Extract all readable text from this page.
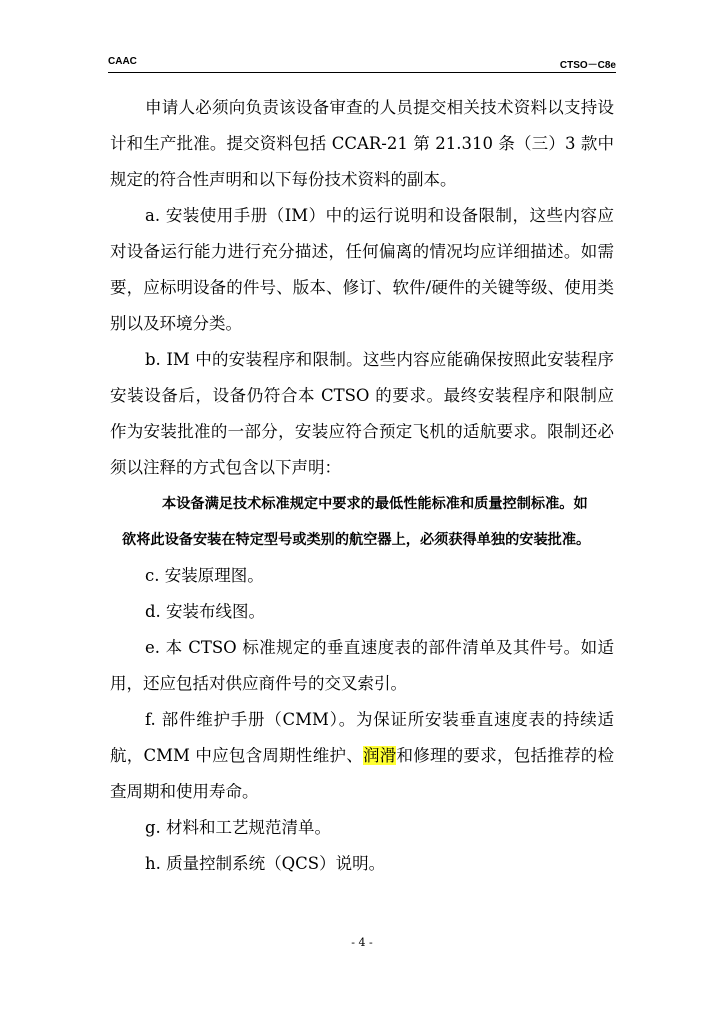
CAAC	CTSO－C8e

申请人必须向负责该设备审查的人员提交相关技术资料以支持设计和生产批准。提交资料包括 CCAR-21 第 21.310 条（三）3 款中规定的符合性声明和以下每份技术资料的副本。

a. 安装使用手册（IM）中的运行说明和设备限制，这些内容应对设备运行能力进行充分描述，任何偏离的情况均应详细描述。如需要，应标明设备的件号、版本、修订、软件/硬件的关键等级、使用类别以及环境分类。

b. IM 中的安装程序和限制。这些内容应能确保按照此安装程序安装设备后，设备仍符合本 CTSO 的要求。最终安装程序和限制应作为安装批准的一部分，安装应符合预定飞机的适航要求。限制还必须以注释的方式包含以下声明：

本设备满足技术标准规定中要求的最低性能标准和质量控制标准。如
欲将此设备安装在特定型号或类别的航空器上，必须获得单独的安装批准。

c. 安装原理图。

d. 安装布线图。

e. 本 CTSO 标准规定的垂直速度表的部件清单及其件号。如适用，还应包括对供应商件号的交叉索引。

f. 部件维护手册（CMM）。为保证所安装垂直速度表的持续适航，CMM 中应包含周期性维护、润滑和修理的要求，包括推荐的检查周期和使用寿命。

g. 材料和工艺规范清单。

h. 质量控制系统（QCS）说明。

- 4 -
